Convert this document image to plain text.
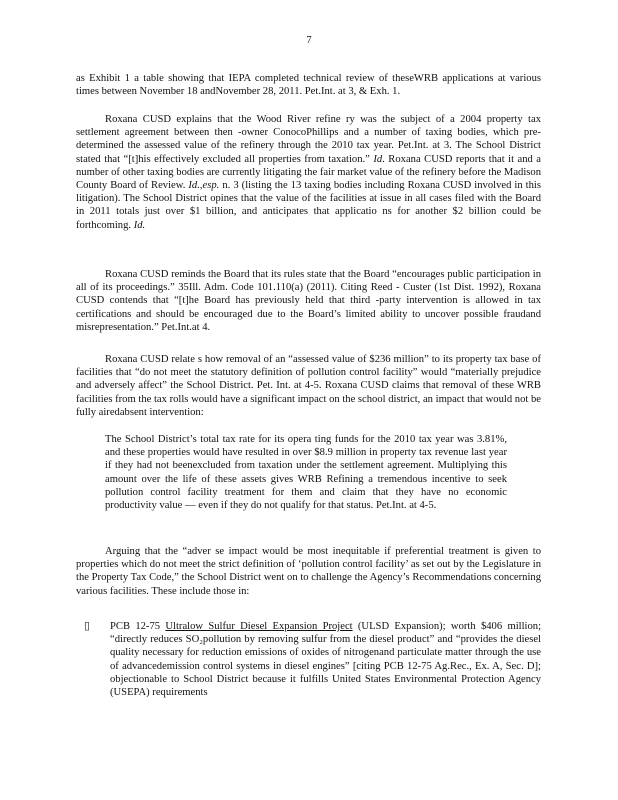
7

as Exhibit 1 a table showing that IEPA completed technical review of theseWRB applications at various times between November 18 andNovember 28, 2011. Pet.Int. at 3, & Exh. 1.

Roxana CUSD explains that the Wood River refine ry was the subject of a 2004 property tax settlement agreement between then -owner ConocoPhillips and a number of taxing bodies, which pre-determined the assessed value of the refinery through the 2010 tax year. Pet.Int. at 3. The School District stated that “[t]his effectively excluded all properties from taxation.” Id. Roxana CUSD reports that it and a number of other taxing bodies are currently litigating the fair market value of the refinery before the Madison County Board of Review. Id.,esp. n. 3 (listing the 13 taxing bodies including Roxana CUSD involved in this litigation). The School District opines that the value of the facilities at issue in all cases filed with the Board in 2011 totals just over $1 billion, and anticipates that applicatio ns for another $2 billion could be forthcoming. Id.

Roxana CUSD reminds the Board that its rules state that the Board “encourages public participation in all of its proceedings.” 35Ill. Adm. Code 101.110(a) (2011). Citing Reed - Custer (1st Dist. 1992), Roxana CUSD contends that “[t]he Board has previously held that third -party intervention is allowed in tax certifications and should be encouraged due to the Board’s limited ability to uncover possible fraudand misrepresentation.” Pet.Int.at 4.

Roxana CUSD relate s how removal of an “assessed value of $236 million” to its property tax base of facilities that “do not meet the statutory definition of pollution control facility” would “materially prejudice and adversely affect” the School District. Pet. Int. at 4-5. Roxana CUSD claims that removal of these WRB facilities from the tax rolls would have a significant impact on the school district, an impact that would not be fully airedabsent intervention:

The School District’s total tax rate for its opera ting funds for the 2010 tax year was 3.81%, and these properties would have resulted in over $8.9 million in property tax revenue last year if they had not beenexcluded from taxation under the settlement agreement. Multiplying this amount over the life of these assets gives WRB Refining a tremendous incentive to seek pollution control facility treatment for them and claim that they have no economic productivity value — even if they do not qualify for that status. Pet.Int. at 4-5.

Arguing that the “adver se impact would be most inequitable if preferential treatment is given to properties which do not meet the strict definition of ‘pollution control facility’ as set out by the Legislature in the Property Tax Code,” the School District went on to challenge the Agency’s Recommendations concerning various facilities. These include those in:

▯	PCB 12-75 Ultralow Sulfur Diesel Expansion Project (ULSD Expansion); worth $406 million; “directly reduces SO₂pollution by removing sulfur from the diesel product” and “provides the diesel quality necessary for reduction emissions of oxides of nitrogenand particulate matter through the use of advancedemission control systems in diesel engines” [citing PCB 12-75 Ag.Rec., Ex. A, Sec. D]; objectionable to School District because it fulfills United States Environmental Protection Agency (USEPA) requirements
